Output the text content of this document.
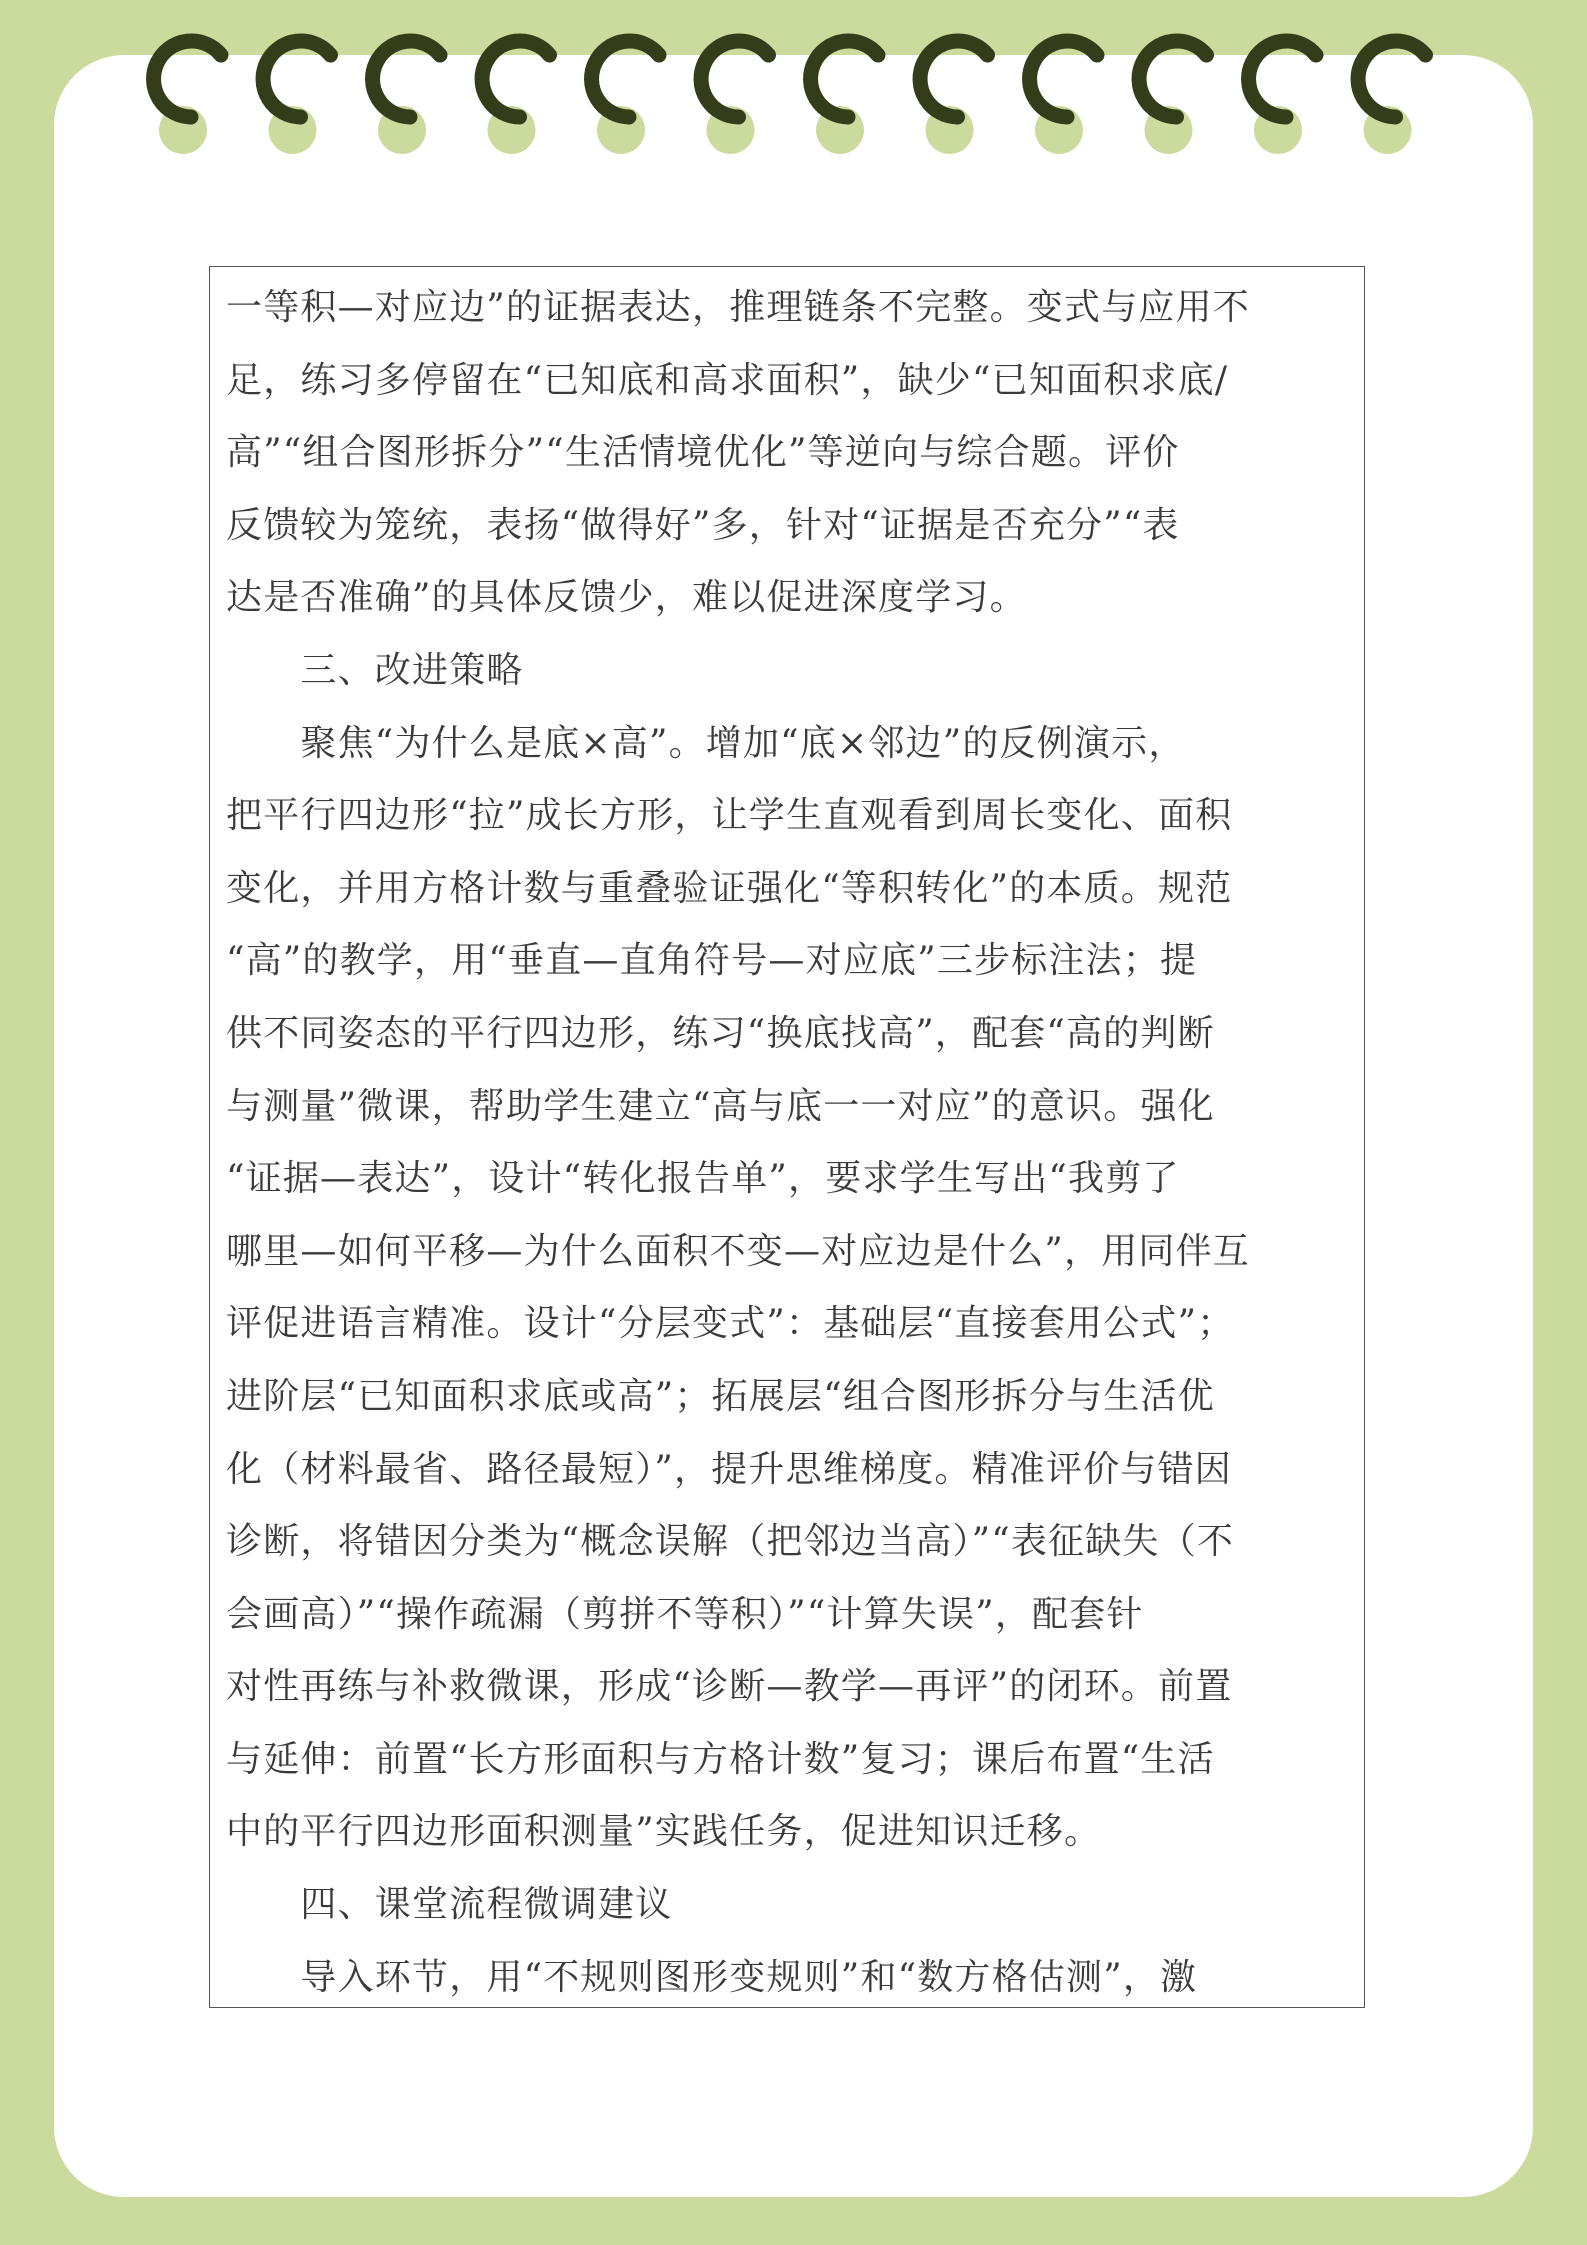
一等积—对应边”的证据表达，推理链条不完整。变式与应用不
足，练习多停留在“已知底和高求面积”，缺少“已知面积求底/
高”“组合图形拆分”“生活情境优化”等逆向与综合题。评价
反馈较为笼统，表扬“做得好”多，针对“证据是否充分”“表
达是否准确”的具体反馈少，难以促进深度学习。
　　三、改进策略
　　聚焦“为什么是底×高”。增加“底×邻边”的反例演示，
把平行四边形“拉”成长方形，让学生直观看到周长变化、面积
变化，并用方格计数与重叠验证强化“等积转化”的本质。规范
“高”的教学，用“垂直—直角符号—对应底”三步标注法；提
供不同姿态的平行四边形，练习“换底找高”，配套“高的判断
与测量”微课，帮助学生建立“高与底一一对应”的意识。强化
“证据—表达”，设计“转化报告单”，要求学生写出“我剪了
哪里—如何平移—为什么面积不变—对应边是什么”，用同伴互
评促进语言精准。设计“分层变式”：基础层“直接套用公式”；
进阶层“已知面积求底或高”；拓展层“组合图形拆分与生活优
化（材料最省、路径最短）”，提升思维梯度。精准评价与错因
诊断，将错因分类为“概念误解（把邻边当高）”“表征缺失（不
会画高）”“操作疏漏（剪拼不等积）”“计算失误”，配套针
对性再练与补救微课，形成“诊断—教学—再评”的闭环。前置
与延伸：前置“长方形面积与方格计数”复习；课后布置“生活
中的平行四边形面积测量”实践任务，促进知识迁移。
　　四、课堂流程微调建议
　　导入环节，用“不规则图形变规则”和“数方格估测”，激
